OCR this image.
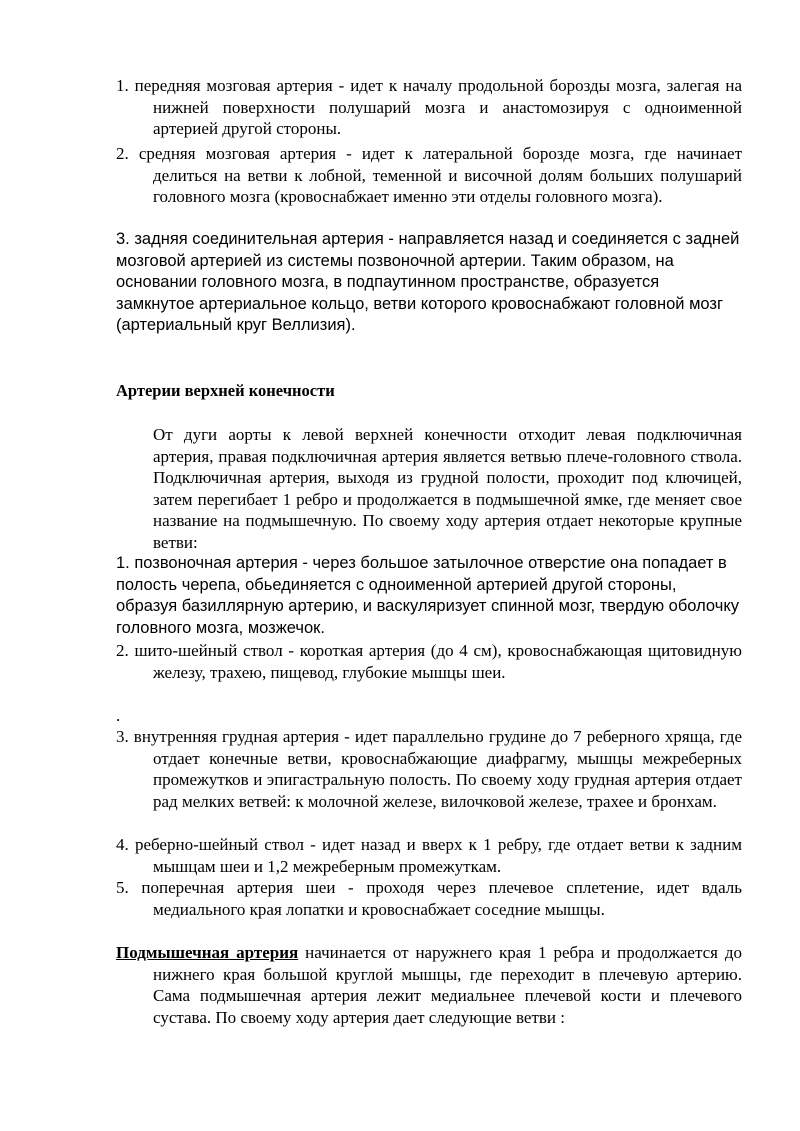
1. передняя мозговая артерия - идет к началу продольной борозды мозга, залегая на нижней поверхности полушарий мозга и анастомозируя с одноименной артерией другой стороны.
2. средняя мозговая артерия - идет к латеральной борозде мозга, где начинает делиться на ветви к лобной, теменной и височной долям больших полушарий головного мозга (кровоснабжает именно эти отделы головного мозга).
3. задняя соединительная артерия - направляется назад и соединяется с задней мозговой артерией из системы позвоночной артерии. Таким образом, на основании головного мозга, в подпаутинном пространстве, образуется замкнутое артериальное кольцо, ветви которого кровоснабжают головной мозг (артериальный круг Веллизия).
Артерии верхней конечности
От дуги аорты к левой верхней конечности отходит левая подключичная артерия, правая подключичная артерия является ветвью плече-головного ствола. Подключичная артерия, выходя из грудной полости, проходит под ключицей, затем перегибает 1 ребро и продолжается в подмышечной ямке, где меняет свое название на подмышечную. По своему ходу артерия отдает некоторые крупные ветви:
1. позвоночная артерия - через большое затылочное отверстие она попадает в полость черепа, обьединяется с одноименной артерией другой стороны, образуя базиллярную артерию, и васкуляризует спинной мозг, твердую оболочку головного мозга, мозжечок.
2. шито-шейный ствол - короткая артерия (до 4 см), кровоснабжающая щитовидную железу, трахею, пищевод, глубокие мышцы шеи.
.
3. внутренняя грудная артерия - идет параллельно грудине до 7 реберного хряща, где отдает конечные ветви, кровоснабжающие диафрагму, мышцы межреберных промежутков и эпигастральную полость. По своему ходу грудная артерия отдает рад мелких ветвей: к молочной железе, вилочковой железе, трахее и бронхам.
4. реберно-шейный ствол - идет назад и вверх к 1 ребру, где отдает ветви к задним мышцам шеи и 1,2 межреберным промежуткам.
5. поперечная артерия шеи - проходя через плечевое сплетение, идет вдаль медиального края лопатки и кровоснабжает соседние мышцы.
Подмышечная артерия начинается от наружнего края 1 ребра и продолжается до нижнего края большой круглой мышцы, где переходит в плечевую артерию. Сама подмышечная артерия лежит медиальнее плечевой кости и плечевого сустава. По своему ходу артерия дает следующие ветви :
